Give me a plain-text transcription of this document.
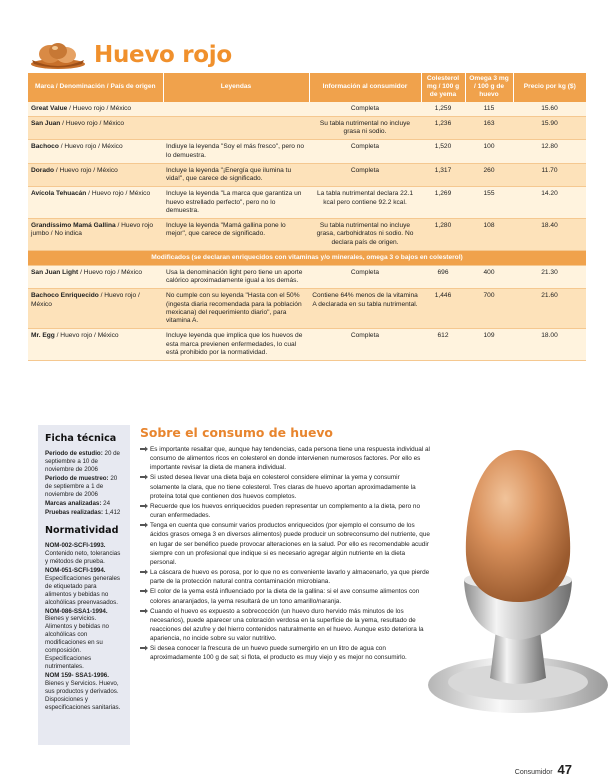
Huevo rojo
Marca / Denominación / País de origen	Leyendas	Información al consumidor	Colesterol mg / 100 g de yema	Omega 3 mg / 100 g de huevo	Precio por kg ($)
Great Value / Huevo rojo / México		Completa	1,259	115	15.60
San Juan / Huevo rojo / México		Su tabla nutrimental no incluye grasa ni sodio.	1,236	163	15.90
Bachoco / Huevo rojo / México	Indiuye la leyenda "Soy el más fresco", pero no lo demuestra.	Completa	1,520	100	12.80
Dorado / Huevo rojo / México	Incluye la leyenda "¡Energía que ilumina tu vida!", que carece de significado.	Completa	1,317	260	11.70
Avícola Tehuacán / Huevo rojo / México	Incluye la leyenda "La marca que garantiza un huevo estrellado perfecto", pero no lo demuestra.	La tabla nutrimental declara 22.1 kcal pero contiene 92.2 kcal.	1,269	155	14.20
Grandíssimo Mamá Gallina / Huevo rojo jumbo / No indica	Incluye la leyenda "Mamá gallina pone lo mejor", que carece de significado.	Su tabla nutrimental no incluye grasa, carbohidratos ni sodio. No declara país de origen.	1,280	108	18.40
Modificados (se declaran enriquecidos con vitaminas y/o minerales, omega 3 o bajos en colesterol)					
San Juan Light / Huevo rojo / México	Usa la denominación light pero tiene un aporte calórico aproximadamente igual a los demás.	Completa	696	400	21.30
Bachoco Enriquecido / Huevo rojo / México	No cumple con su leyenda "Hasta con el 50% (ingesta diaria recomendada para la población mexicana) del requerimiento diario", para vitamina A.	Contiene 64% menos de la vitamina A declarada en su tabla nutrimental.	1,446	700	21.60
Mr. Egg / Huevo rojo / México	Incluye leyenda que implica que los huevos de esta marca previenen enfermedades, lo cual está prohibido por la normatividad.	Completa	612	109	18.00
Ficha técnica
Periodo de estudio: 20 de septiembre a 10 de noviembre de 2006
Periodo de muestreo: 20 de septiembre a 1 de noviembre de 2006
Marcas analizadas: 24
Pruebas realizadas: 1,412
Normatividad
NOM-002-SCFI-1993.
Contenido neto, tolerancias y métodos de prueba.
NOM-051-SCFI-1994.
Especificaciones generales de etiquetado para alimentos y bebidas no alcohólicas preenvasados.
NOM-086-SSA1-1994.
Bienes y servicios. Alimentos y bebidas no alcohólicas con modificaciones en su composición. Especificaciones nutrimentales.
NOM 159- SSA1-1996.
Bienes y Servicios. Huevo, sus productos y derivados. Disposiciones y especificaciones sanitarias.
Sobre el consumo de huevo
Es importante resaltar que, aunque hay tendencias, cada persona tiene una respuesta individual al consumo de alimentos ricos en colesterol en donde intervienen numerosos factores. Por ello es importante revisar la dieta de manera individual.
Si usted desea llevar una dieta baja en colesterol considere eliminar la yema y consumir solamente la clara, que no tiene colesterol. Tres claras de huevo aportan aproximadamente la proteína total que contienen dos huevos completos.
Recuerde que los huevos enriquecidos pueden representar un complemento a la dieta, pero no curan enfermedades.
Tenga en cuenta que consumir varios productos enriquecidos (por ejemplo el consumo de los ácidos grasos omega 3 en diversos alimentos) puede producir un sobreconsumo del nutriente, que en lugar de ser benéfico puede provocar alteraciones en la salud. Por ello es recomendable acudir siempre con un profesional que indique si es necesario agregar algún nutriente en la dieta personal.
La cáscara de huevo es porosa, por lo que no es conveniente lavarlo y almacenarlo, ya que pierde parte de la protección natural contra contaminación microbiana.
El color de la yema está influenciado por la dieta de la gallina: si el ave consume alimentos con colores anaranjados, la yema resultará de un tono amarillo/naranja.
Cuando el huevo es expuesto a sobrecocción (un huevo duro hervido más minutos de los necesarios), puede aparecer una coloración verdosa en la superficie de la yema, resultado de reacciones del azufre y del hierro contenidos naturalmente en el huevo. Aunque esto deteriora la apariencia, no incide sobre su valor nutritivo.
Si desea conocer la frescura de un huevo puede sumergirlo en un litro de agua con aproximadamente 100 g de sal; si flota, el producto es muy viejo y es mejor no consumirlo.
Consumidor 47
